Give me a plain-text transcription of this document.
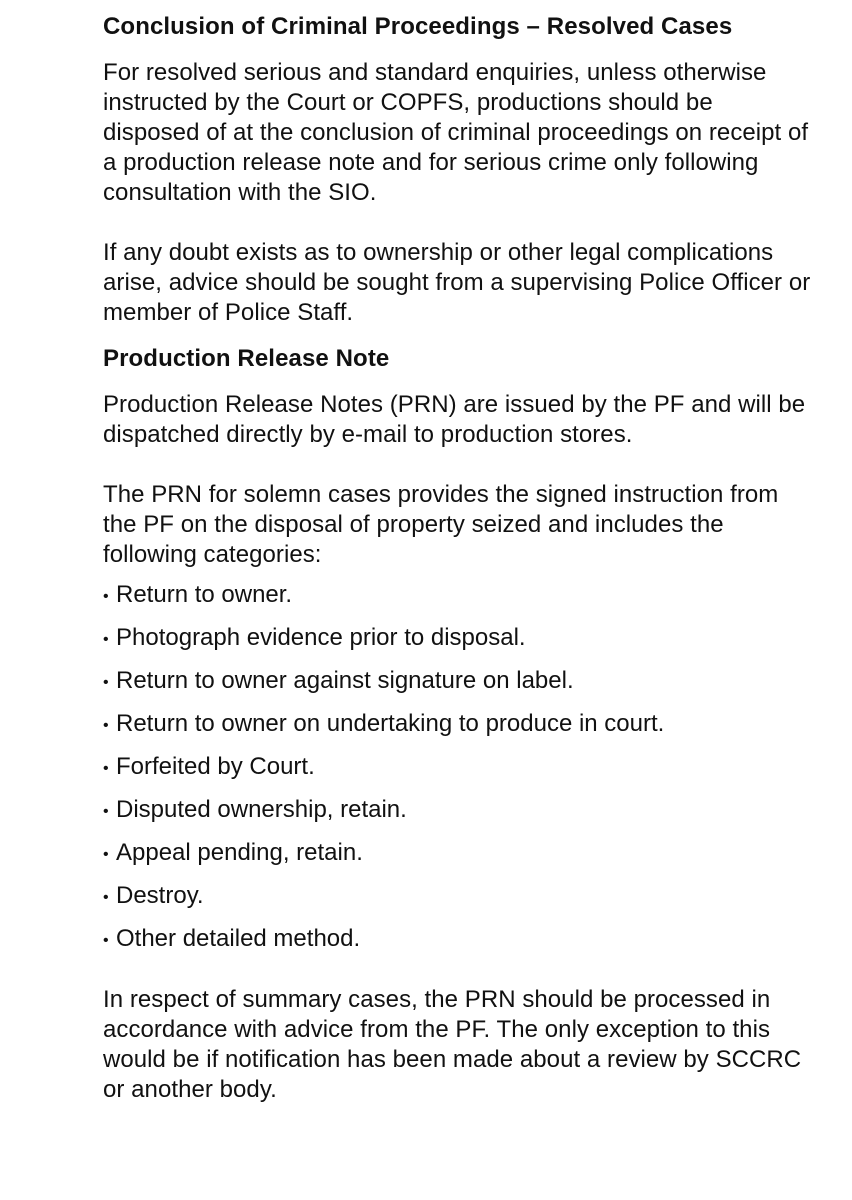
Conclusion of Criminal Proceedings – Resolved Cases

For resolved serious and standard enquiries, unless otherwise instructed by the Court or COPFS, productions should be disposed of at the conclusion of criminal proceedings on receipt of a production release note and for serious crime only following consultation with the SIO.

If any doubt exists as to ownership or other legal complications arise, advice should be sought from a supervising Police Officer or member of Police Staff.

Production Release Note

Production Release Notes (PRN) are issued by the PF and will be dispatched directly by e-mail to production stores.

The PRN for solemn cases provides the signed instruction from the PF on the disposal of property seized and includes the following categories:

• Return to owner.
• Photograph evidence prior to disposal.
• Return to owner against signature on label.
• Return to owner on undertaking to produce in court.
• Forfeited by Court.
• Disputed ownership, retain.
• Appeal pending, retain.
• Destroy.
• Other detailed method.

In respect of summary cases, the PRN should be processed in accordance with advice from the PF. The only exception to this would be if notification has been made about a review by SCCRC or another body.
